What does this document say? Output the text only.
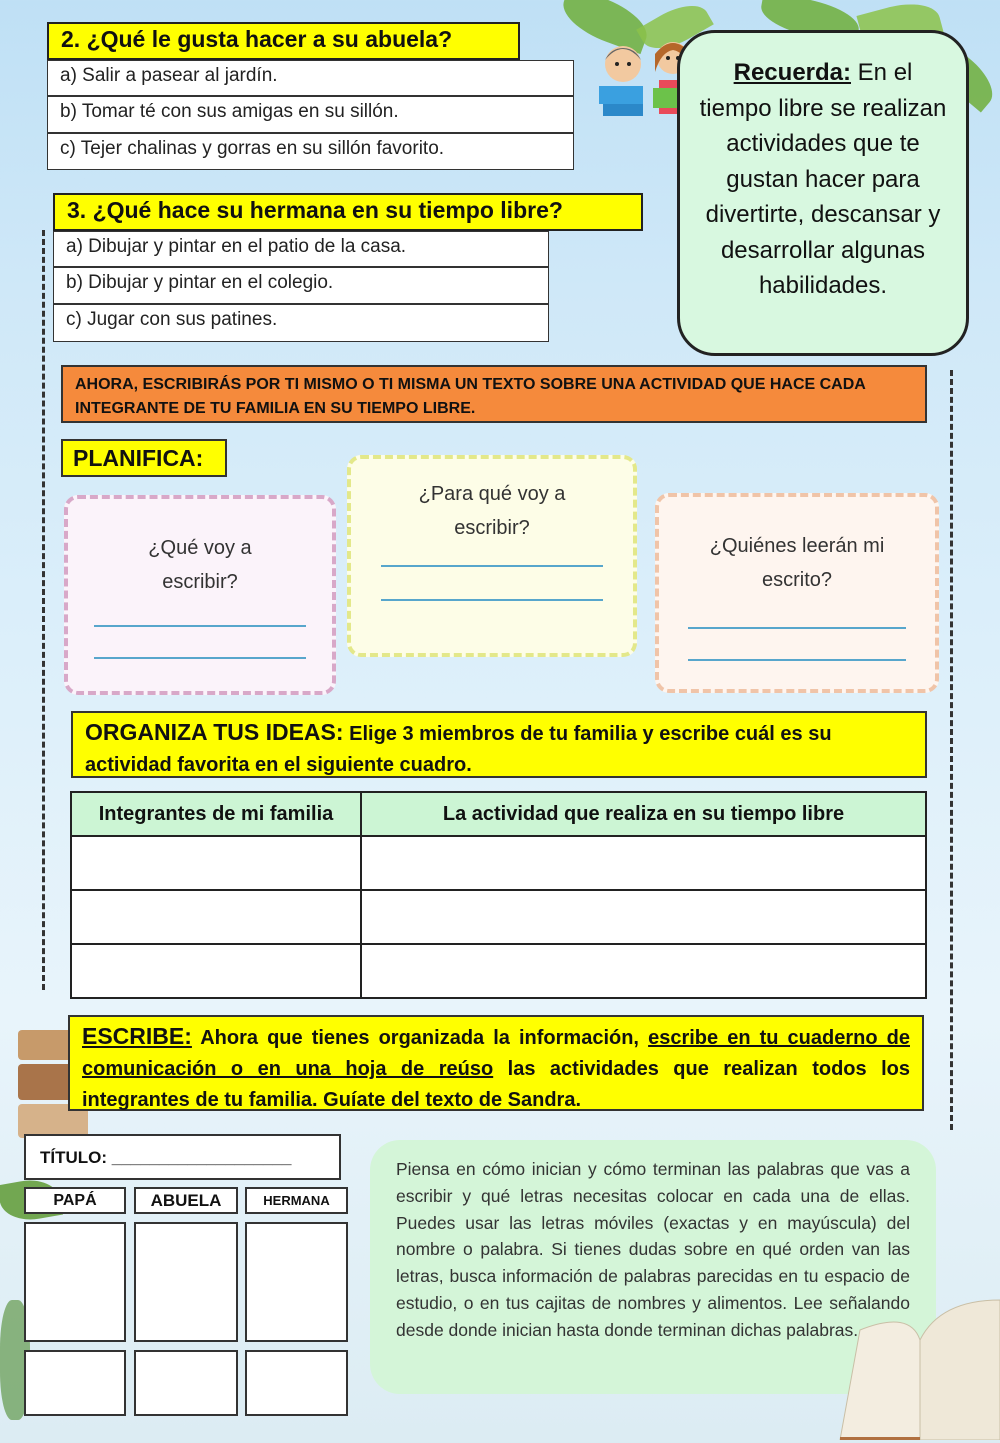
2. ¿Qué le gusta hacer a su abuela?
a) Salir a pasear al jardín.
b) Tomar té con sus amigas en su sillón.
c) Tejer chalinas y gorras en su sillón favorito.
3. ¿Qué hace su hermana en su tiempo libre?
a) Dibujar y pintar en el patio de la casa.
b) Dibujar y pintar en el colegio.
c) Jugar con sus patines.
Recuerda: En el tiempo libre se realizan actividades que te gustan hacer para divertirte, descansar y desarrollar algunas habilidades.
AHORA, ESCRIBIRÁS POR TI MISMO O TI MISMA UN TEXTO SOBRE UNA ACTIVIDAD QUE HACE CADA INTEGRANTE DE TU FAMILIA EN SU TIEMPO LIBRE.
PLANIFICA:
¿Qué voy a escribir?
¿Para qué voy a escribir?
¿Quiénes leerán mi escrito?
ORGANIZA TUS IDEAS: Elige 3 miembros de tu familia y escribe cuál es su actividad favorita en el siguiente cuadro.
Integrantes de mi familia	La actividad que realiza en su tiempo libre

ESCRIBE: Ahora que tienes organizada la información, escribe en tu cuaderno de comunicación o en una hoja de reúso las actividades que realizan todos los integrantes de tu familia. Guíate del texto de Sandra.
TÍTULO: ___________________
PAPÁ	ABUELA	HERMANA
Piensa en cómo inician y cómo terminan las palabras que vas a escribir y qué letras necesitas colocar en cada una de ellas. Puedes usar las letras móviles (exactas y en mayúscula) del nombre o palabra. Si tienes dudas sobre en qué orden van las letras, busca información de palabras parecidas en tu espacio de estudio, o en tus cajitas de nombres y alimentos. Lee señalando desde donde inician hasta donde terminan dichas palabras.
